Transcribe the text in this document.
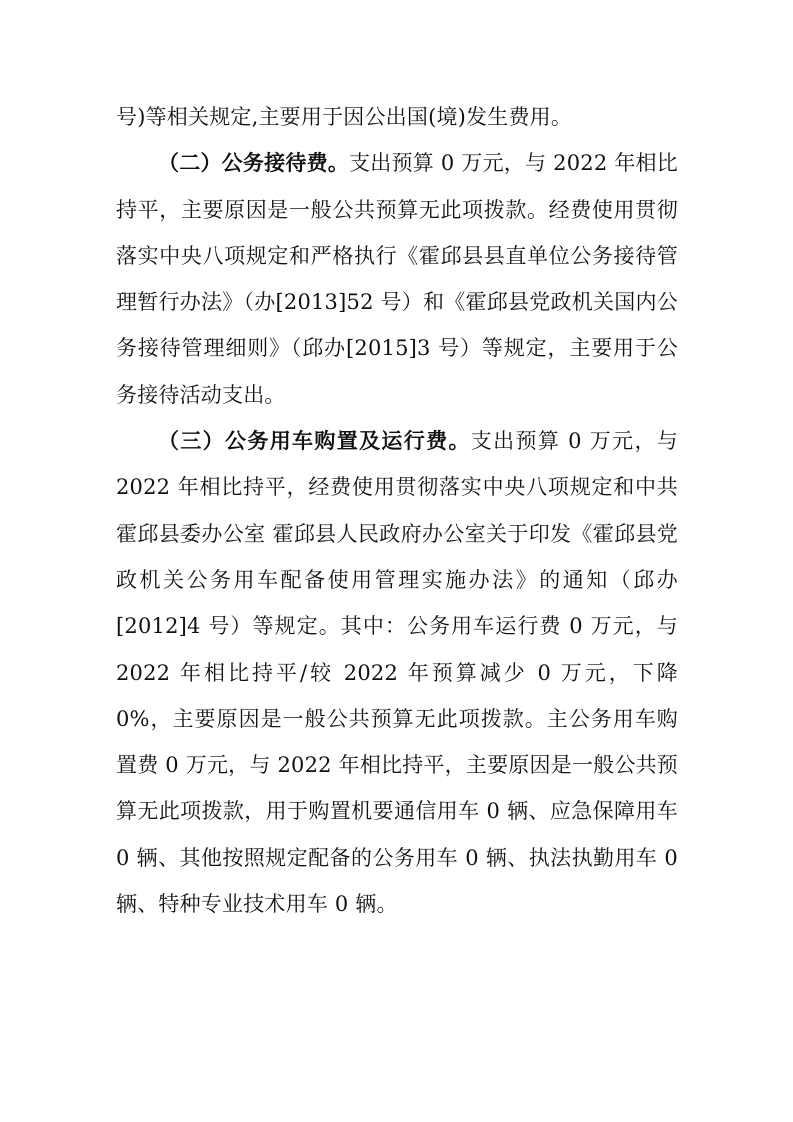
号)等相关规定,主要用于因公出国(境)发生费用。

（二）公务接待费。支出预算 0 万元，与 2022 年相比持平，主要原因是一般公共预算无此项拨款。经费使用贯彻落实中央八项规定和严格执行《霍邱县县直单位公务接待管理暂行办法》（办[2013]52 号）和《霍邱县党政机关国内公务接待管理细则》（邱办[2015]3 号）等规定，主要用于公务接待活动支出。

（三）公务用车购置及运行费。支出预算 0 万元，与 2022 年相比持平，经费使用贯彻落实中央八项规定和中共霍邱县委办公室 霍邱县人民政府办公室关于印发《霍邱县党政机关公务用车配备使用管理实施办法》的通知（邱办[2012]4 号）等规定。其中：公务用车运行费 0 万元，与 2022 年相比持平/较 2022 年预算减少 0 万元，下降 0%，主要原因是一般公共预算无此项拨款。主公务用车购置费 0 万元，与 2022 年相比持平，主要原因是一般公共预算无此项拨款，用于购置机要通信用车 0 辆、应急保障用车 0 辆、其他按照规定配备的公务用车 0 辆、执法执勤用车 0 辆、特种专业技术用车 0 辆。
